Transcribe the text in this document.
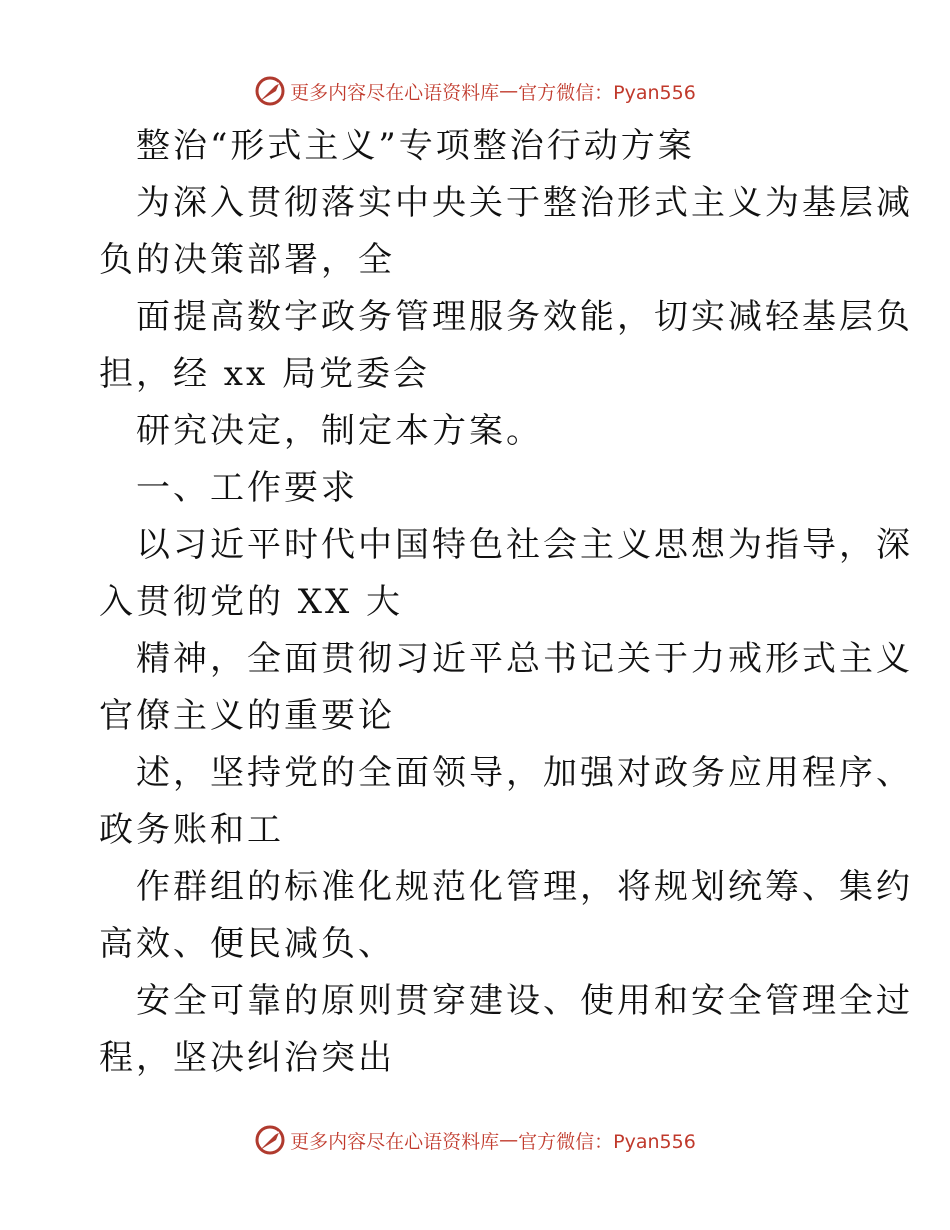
更多内容尽在心语资料库 — 官方微信：Pyan556
整治“形式主义”专项整治行动方案
为深入贯彻落实中央关于整治形式主义为基层减
负的决策部署，全
面提高数字政务管理服务效能，切实减轻基层负
担，经 xx 局党委会
研究决定，制定本方案。
一、工作要求
以习近平时代中国特色社会主义思想为指导，深
入贯彻党的 XX 大
精神，全面贯彻习近平总书记关于力戒形式主义
官僚主义的重要论
述，坚持党的全面领导，加强对政务应用程序、
政务账和工
作群组的标准化规范化管理，将规划统筹、集约
高效、便民减负、
安全可靠的原则贯穿建设、使用和安全管理全过
程，坚决纠治突出
更多内容尽在心语资料库 — 官方微信：Pyan556
